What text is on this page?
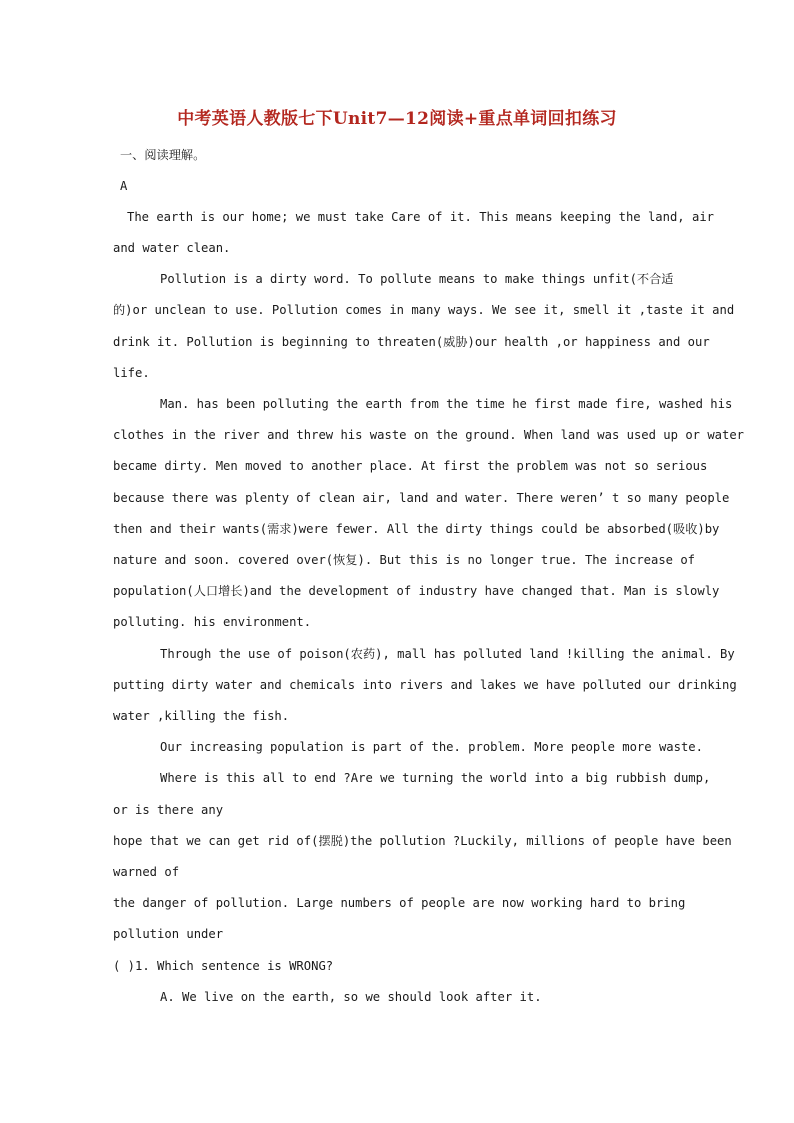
中考英语人教版七下Unit7—12阅读+重点单词回扣练习
一、阅读理解。
A
The earth is our home; we must take Care of it. This means keeping the land, air
and water clean.
Pollution is a dirty word. To pollute means to make things unfit(不合适
的)or unclean to use. Pollution comes in many ways. We see it, smell it ,taste it and
drink it. Pollution is beginning to threaten(威胁)our health ,or happiness and our
life.
Man. has been polluting the earth from the time he first made fire, washed his
clothes in the river and threw his waste on the ground. When land was used up or water
became dirty. Men moved to another place. At first the problem was not so serious
because there was plenty of clean air, land and water. There weren’ t so many people
then and their wants(需求)were fewer. All the dirty things could be absorbed(吸收)by
nature and soon. covered over(恢复). But this is no longer true. The increase of
population(人口增长)and the development of industry have changed that. Man is slowly
polluting. his environment.
Through the use of poison(农药), mall has polluted land !killing the animal. By
putting dirty water and chemicals into rivers and lakes we have polluted our drinking
water ,killing the fish.
Our increasing population is part of the. problem. More people more waste.
Where is this all to end ?Are we turning the world into a big rubbish dump,
or is there any
hope that we can get rid of(摆脱)the pollution ?Luckily, millions of people have been
warned of
the danger of pollution. Large numbers of people are now working hard to bring
pollution under
( )1. Which sentence is WRONG?
A. We live on the earth, so we should look after it.
